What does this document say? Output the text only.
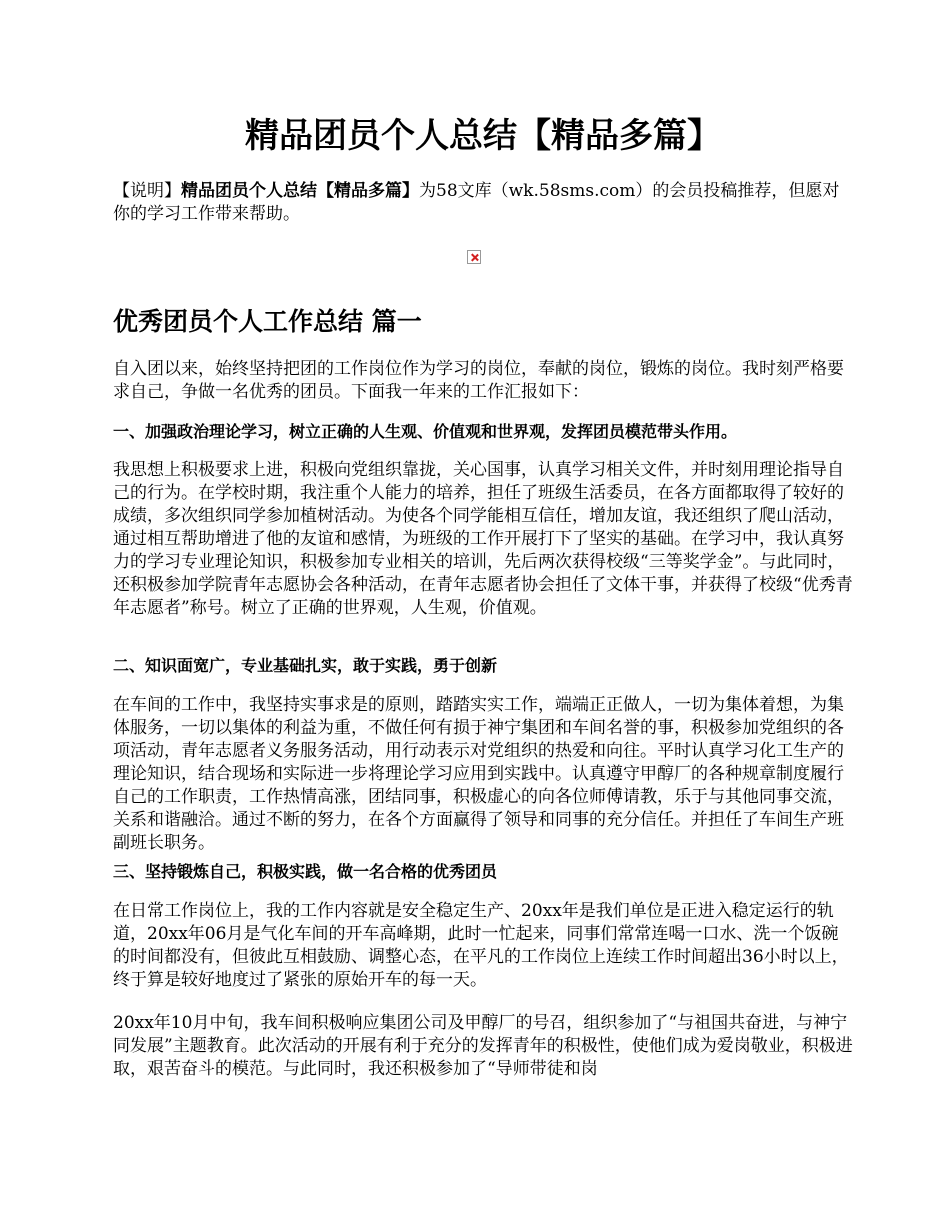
精品团员个人总结【精品多篇】

【说明】精品团员个人总结【精品多篇】为58文库（wk.58sms.com）的会员投稿推荐，但愿对你的学习工作带来帮助。

优秀团员个人工作总结 篇一

自入团以来，始终坚持把团的工作岗位作为学习的岗位，奉献的岗位，锻炼的岗位。我时刻严格要求自己，争做一名优秀的团员。下面我一年来的工作汇报如下：

一、加强政治理论学习，树立正确的人生观、价值观和世界观，发挥团员模范带头作用。

我思想上积极要求上进，积极向党组织靠拢，关心国事，认真学习相关文件，并时刻用理论指导自己的行为。在学校时期，我注重个人能力的培养，担任了班级生活委员，在各方面都取得了较好的成绩，多次组织同学参加植树活动。为使各个同学能相互信任，增加友谊，我还组织了爬山活动，通过相互帮助增进了他的友谊和感情，为班级的工作开展打下了坚实的基础。在学习中，我认真努力的学习专业理论知识，积极参加专业相关的培训，先后两次获得校级“三等奖学金”。与此同时，还积极参加学院青年志愿协会各种活动，在青年志愿者协会担任了文体干事，并获得了校级“优秀青年志愿者”称号。树立了正确的世界观，人生观，价值观。

二、知识面宽广，专业基础扎实，敢于实践，勇于创新

在车间的工作中，我坚持实事求是的原则，踏踏实实工作，端端正正做人，一切为集体着想，为集体服务，一切以集体的利益为重，不做任何有损于神宁集团和车间名誉的事，积极参加党组织的各项活动，青年志愿者义务服务活动，用行动表示对党组织的热爱和向往。平时认真学习化工生产的理论知识，结合现场和实际进一步将理论学习应用到实践中。认真遵守甲醇厂的各种规章制度履行自己的工作职责，工作热情高涨，团结同事，积极虚心的向各位师傅请教，乐于与其他同事交流，关系和谐融洽。通过不断的努力，在各个方面赢得了领导和同事的充分信任。并担任了车间生产班副班长职务。

三、坚持锻炼自己，积极实践，做一名合格的优秀团员

在日常工作岗位上，我的工作内容就是安全稳定生产、20xx年是我们单位是正进入稳定运行的轨道，20xx年06月是气化车间的开车高峰期，此时一忙起来，同事们常常连喝一口水、洗一个饭碗的时间都没有，但彼此互相鼓励、调整心态，在平凡的工作岗位上连续工作时间超出36小时以上，终于算是较好地度过了紧张的原始开车的每一天。

20xx年10月中旬，我车间积极响应集团公司及甲醇厂的号召，组织参加了“与祖国共奋进，与神宁同发展”主题教育。此次活动的开展有利于充分的发挥青年的积极性，使他们成为爱岗敬业，积极进取，艰苦奋斗的模范。与此同时，我还积极参加了“导师带徒和岗
